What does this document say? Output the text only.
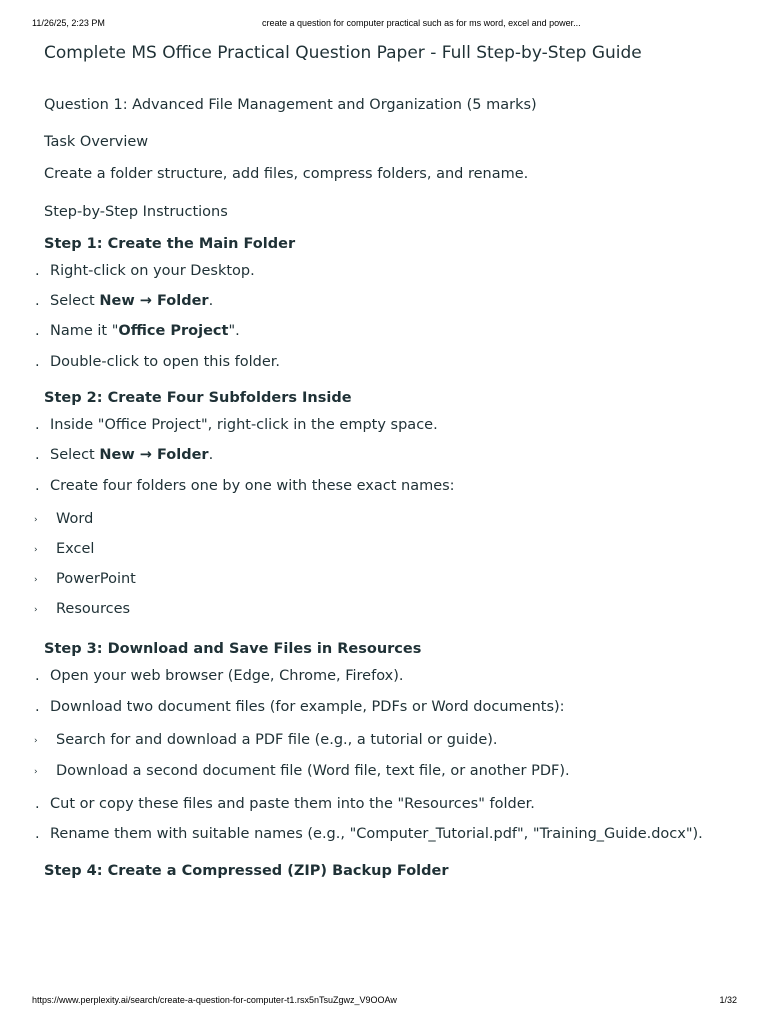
11/26/25, 2:23 PM	create a question for computer practical such as for ms word, excel and power...
Complete MS Office Practical Question Paper - Full Step-by-Step Guide
Question 1: Advanced File Management and Organization (5 marks)
Task Overview

Create a folder structure, add files, compress folders, and rename.

Step-by-Step Instructions
Step 1: Create the Main Folder
. Right-click on your Desktop.
. Select New → Folder.
. Name it "Office Project".
. Double-click to open this folder.
Step 2: Create Four Subfolders Inside
. Inside "Office Project", right-click in the empty space.
. Select New → Folder.
. Create four folders one by one with these exact names:
› Word
› Excel
› PowerPoint
› Resources
Step 3: Download and Save Files in Resources
. Open your web browser (Edge, Chrome, Firefox).
. Download two document files (for example, PDFs or Word documents):
› Search for and download a PDF file (e.g., a tutorial or guide).
› Download a second document file (Word file, text file, or another PDF).
. Cut or copy these files and paste them into the "Resources" folder.
. Rename them with suitable names (e.g., "Computer_Tutorial.pdf", "Training_Guide.docx").
Step 4: Create a Compressed (ZIP) Backup Folder
https://www.perplexity.ai/search/create-a-question-for-computer-t1.rsx5nTsuZgwz_V9OOAw	1/32
